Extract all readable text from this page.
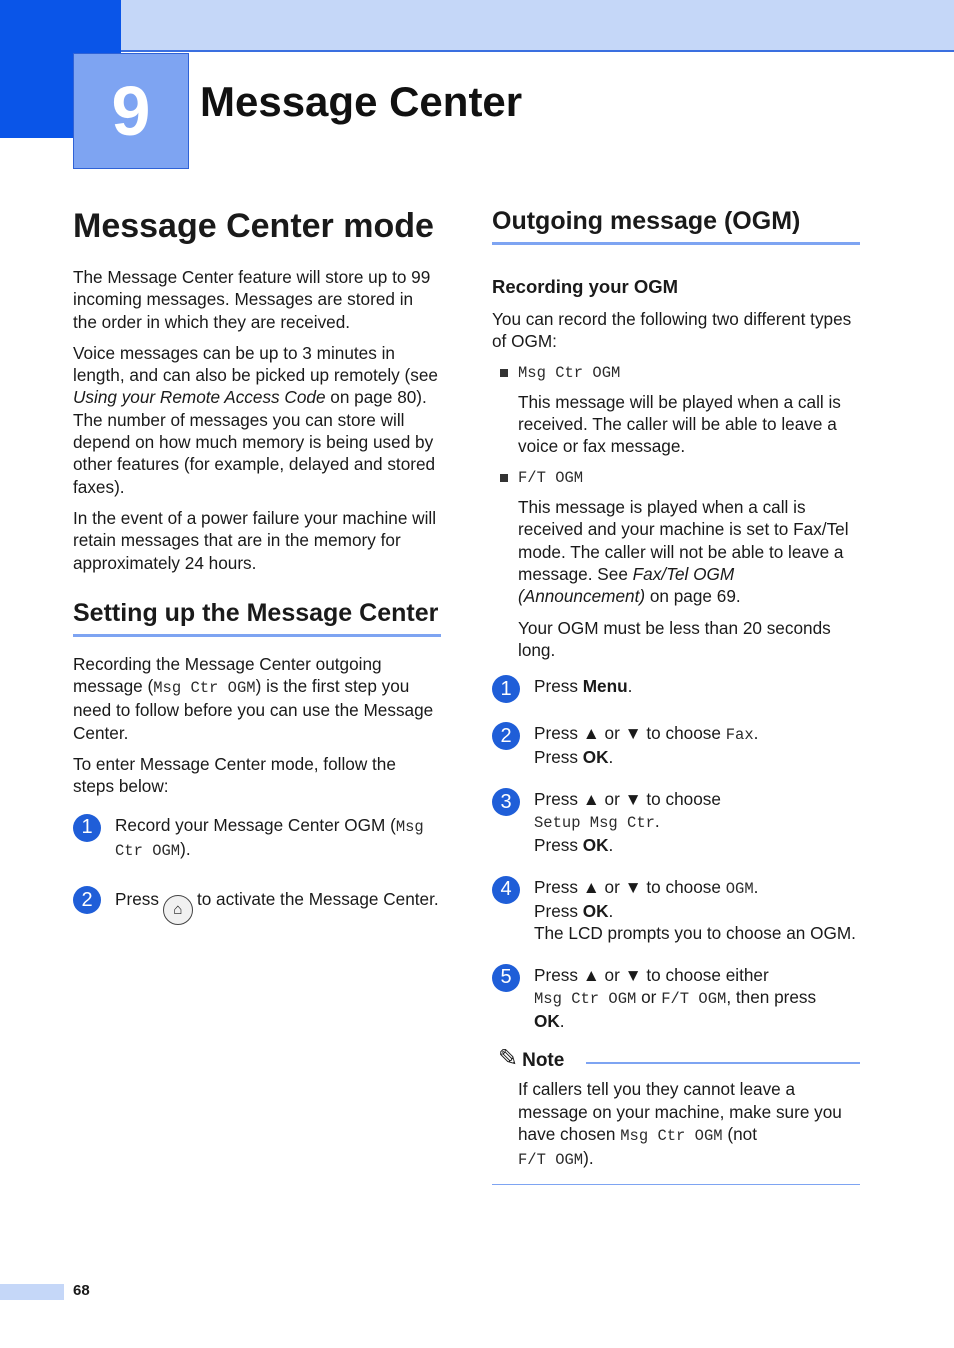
9	Message Center
Message Center mode

The Message Center feature will store up to 99 incoming messages. Messages are stored in the order in which they are received.

Voice messages can be up to 3 minutes in length, and can also be picked up remotely (see Using your Remote Access Code on page 80). The number of messages you can store will depend on how much memory is being used by other features (for example, delayed and stored faxes).

In the event of a power failure your machine will retain messages that are in the memory for approximately 24 hours.

Setting up the Message Center

Recording the Message Center outgoing message (Msg Ctr OGM) is the first step you need to follow before you can use the Message Center.

To enter Message Center mode, follow the steps below:

1	Record your Message Center OGM (Msg Ctr OGM).
2	Press⌂to activate the Message Center.
Outgoing message (OGM)
Recording your OGM

You can record the following two different types of OGM:

Msg Ctr OGM

This message will be played when a call is received. The caller will be able to leave a voice or fax message.

F/T OGM

This message is played when a call is received and your machine is set to Fax/Tel mode. The caller will not be able to leave a message. See Fax/Tel OGM (Announcement) on page 69.

Your OGM must be less than 20 seconds long.

1	Press Menu.
2	Press ▲ or ▼ to choose Fax.
Press OK.
3	Press ▲ or ▼ to choose
Setup Msg Ctr.
Press OK.
4	Press ▲ or ▼ to choose OGM.
Press OK.
The LCD prompts you to choose an OGM.
5	Press ▲ or ▼ to choose either
Msg Ctr OGM or F/T OGM, then press
OK.
✎ Note
If callers tell you they cannot leave a message on your machine, make sure you have chosen Msg Ctr OGM (not
F/T OGM).
68
